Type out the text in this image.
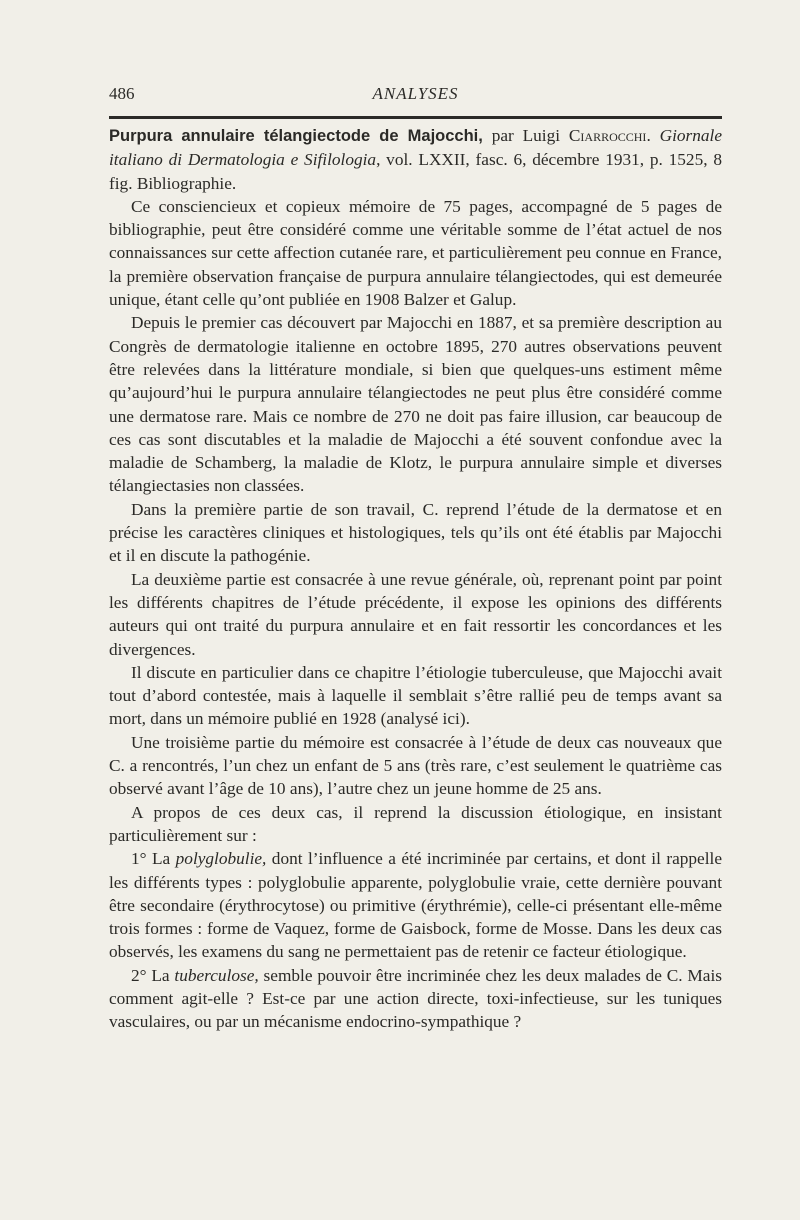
486	ANALYSES

Purpura annulaire télangiectode de Majocchi, par Luigi Ciarrocchi. Giornale italiano di Dermatologia e Sifilologia, vol. LXXII, fasc. 6, décembre 1931, p. 1525, 8 fig. Bibliographie.

Ce consciencieux et copieux mémoire de 75 pages, accompagné de 5 pages de bibliographie, peut être considéré comme une véritable somme de l’état actuel de nos connaissances sur cette affection cutanée rare, et particulièrement peu connue en France, la première observation française de purpura annulaire télangiectodes, qui est demeurée unique, étant celle qu’ont publiée en 1908 Balzer et Galup.

Depuis le premier cas découvert par Majocchi en 1887, et sa première description au Congrès de dermatologie italienne en octobre 1895, 270 autres observations peuvent être relevées dans la littérature mondiale, si bien que quelques-uns estiment même qu’aujourd’hui le purpura annulaire télangiectodes ne peut plus être considéré comme une dermatose rare. Mais ce nombre de 270 ne doit pas faire illusion, car beaucoup de ces cas sont discutables et la maladie de Majocchi a été souvent confondue avec la maladie de Schamberg, la maladie de Klotz, le purpura annulaire simple et diverses télangiectasies non classées.

Dans la première partie de son travail, C. reprend l’étude de la dermatose et en précise les caractères cliniques et histologiques, tels qu’ils ont été établis par Majocchi et il en discute la pathogénie.

La deuxième partie est consacrée à une revue générale, où, reprenant point par point les différents chapitres de l’étude précédente, il expose les opinions des différents auteurs qui ont traité du purpura annulaire et en fait ressortir les concordances et les divergences.

Il discute en particulier dans ce chapitre l’étiologie tuberculeuse, que Majocchi avait tout d’abord contestée, mais à laquelle il semblait s’être rallié peu de temps avant sa mort, dans un mémoire publié en 1928 (analysé ici).

Une troisième partie du mémoire est consacrée à l’étude de deux cas nouveaux que C. a rencontrés, l’un chez un enfant de 5 ans (très rare, c’est seulement le quatrième cas observé avant l’âge de 10 ans), l’autre chez un jeune homme de 25 ans.

A propos de ces deux cas, il reprend la discussion étiologique, en insistant particulièrement sur :

1° La polyglobulie, dont l’influence a été incriminée par certains, et dont il rappelle les différents types : polyglobulie apparente, polyglobulie vraie, cette dernière pouvant être secondaire (érythrocytose) ou primitive (érythrémie), celle-ci présentant elle-même trois formes : forme de Vaquez, forme de Gaisbock, forme de Mosse. Dans les deux cas observés, les examens du sang ne permettaient pas de retenir ce facteur étiologique.

2° La tuberculose, semble pouvoir être incriminée chez les deux malades de C. Mais comment agit-elle ? Est-ce par une action directe, toxi-infectieuse, sur les tuniques vasculaires, ou par un mécanisme endocrino-sympathique ?
